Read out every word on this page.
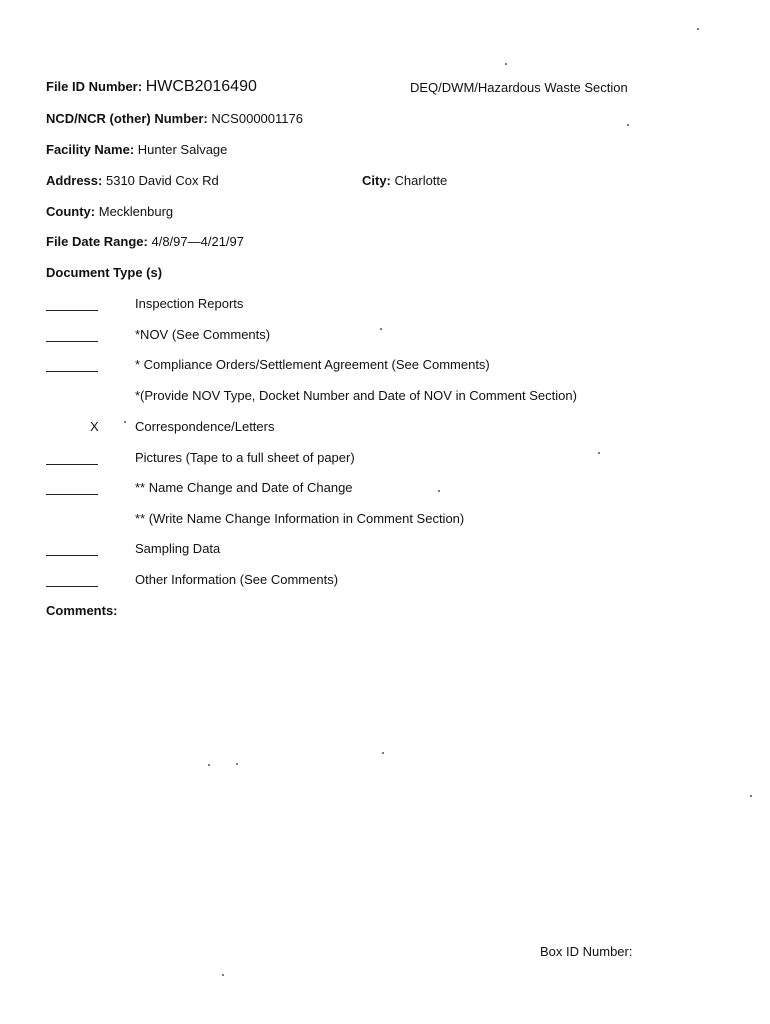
File ID Number: HWCB2016490	DEQ/DWM/Hazardous Waste Section
NCD/NCR (other) Number: NCS000001176
Facility Name: Hunter Salvage
Address: 5310 David Cox Rd	City: Charlotte
County: Mecklenburg
File Date Range: 4/8/97—4/21/97
Document Type (s)
Inspection Reports
*NOV (See Comments)
* Compliance Orders/Settlement Agreement (See Comments)
*(Provide NOV Type, Docket Number and Date of NOV in Comment Section)
X	Correspondence/Letters
Pictures (Tape to a full sheet of paper)
** Name Change and Date of Change
** (Write Name Change Information in Comment Section)
Sampling Data
Other Information (See Comments)
Comments:
Box ID Number:
